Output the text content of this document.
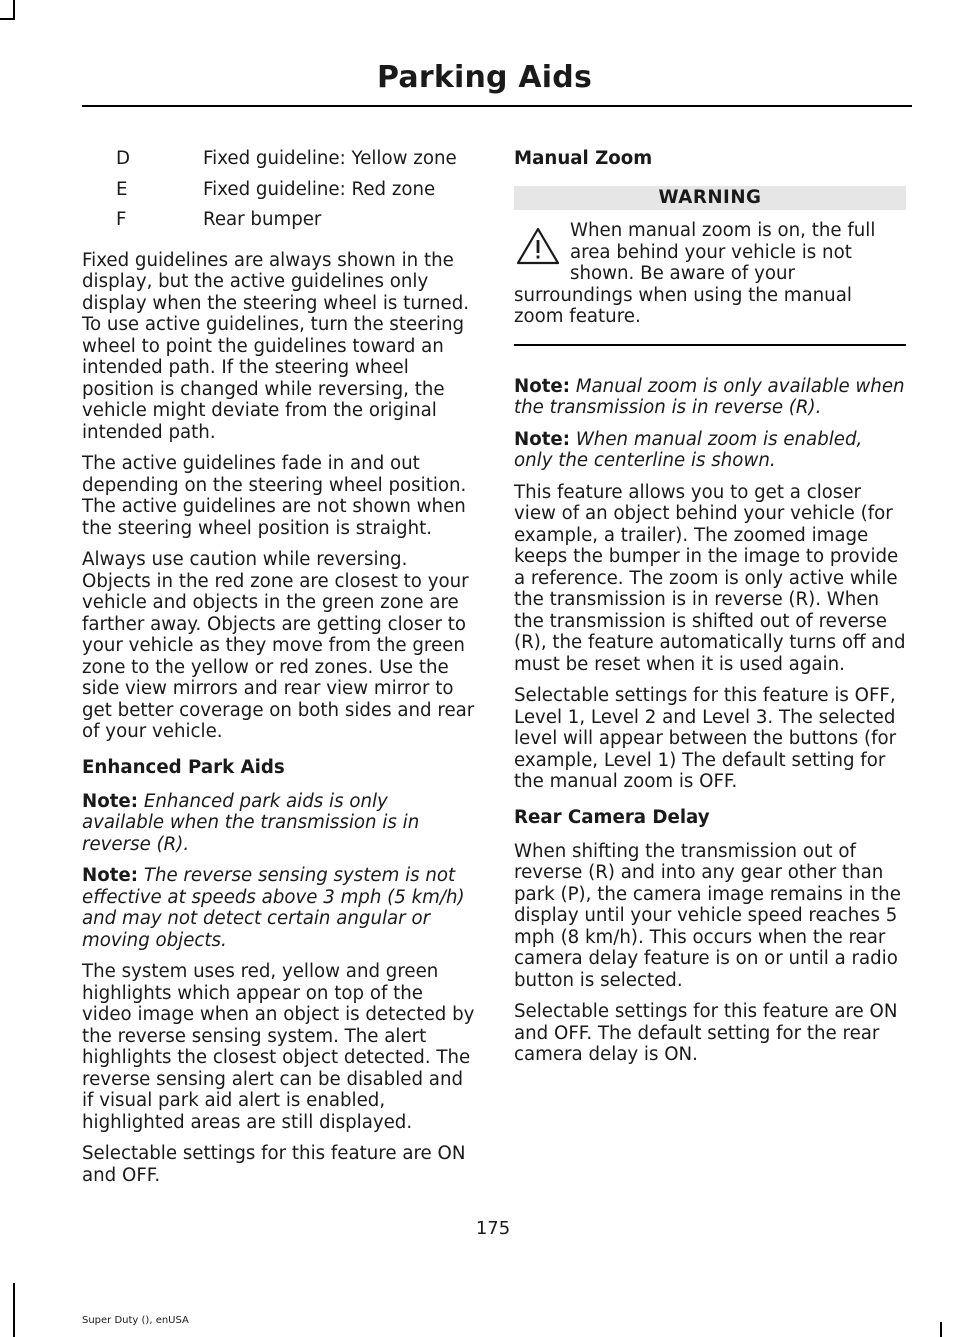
Parking Aids
D	Fixed guideline: Yellow zone
E	Fixed guideline: Red zone
F	Rear bumper

Fixed guidelines are always shown in the display, but the active guidelines only display when the steering wheel is turned. To use active guidelines, turn the steering wheel to point the guidelines toward an intended path. If the steering wheel position is changed while reversing, the vehicle might deviate from the original intended path.

The active guidelines fade in and out depending on the steering wheel position. The active guidelines are not shown when the steering wheel position is straight.

Always use caution while reversing. Objects in the red zone are closest to your vehicle and objects in the green zone are farther away. Objects are getting closer to your vehicle as they move from the green zone to the yellow or red zones. Use the side view mirrors and rear view mirror to get better coverage on both sides and rear of your vehicle.

Enhanced Park Aids

Note: Enhanced park aids is only available when the transmission is in reverse (R).

Note: The reverse sensing system is not effective at speeds above 3 mph (5 km/h) and may not detect certain angular or moving objects.

The system uses red, yellow and green highlights which appear on top of the video image when an object is detected by the reverse sensing system. The alert highlights the closest object detected. The reverse sensing alert can be disabled and if visual park aid alert is enabled, highlighted areas are still displayed.

Selectable settings for this feature are ON and OFF.

Manual Zoom
WARNING
When manual zoom is on, the full area behind your vehicle is not shown. Be aware of your surroundings when using the manual zoom feature.

Note: Manual zoom is only available when the transmission is in reverse (R).

Note: When manual zoom is enabled, only the centerline is shown.

This feature allows you to get a closer view of an object behind your vehicle (for example, a trailer). The zoomed image keeps the bumper in the image to provide a reference. The zoom is only active while the transmission is in reverse (R). When the transmission is shifted out of reverse (R), the feature automatically turns off and must be reset when it is used again.

Selectable settings for this feature is OFF, Level 1, Level 2 and Level 3. The selected level will appear between the buttons (for example, Level 1) The default setting for the manual zoom is OFF.

Rear Camera Delay

When shifting the transmission out of reverse (R) and into any gear other than park (P), the camera image remains in the display until your vehicle speed reaches 5 mph (8 km/h). This occurs when the rear camera delay feature is on or until a radio button is selected.

Selectable settings for this feature are ON and OFF. The default setting for the rear camera delay is ON.

175
Super Duty (), enUSA
